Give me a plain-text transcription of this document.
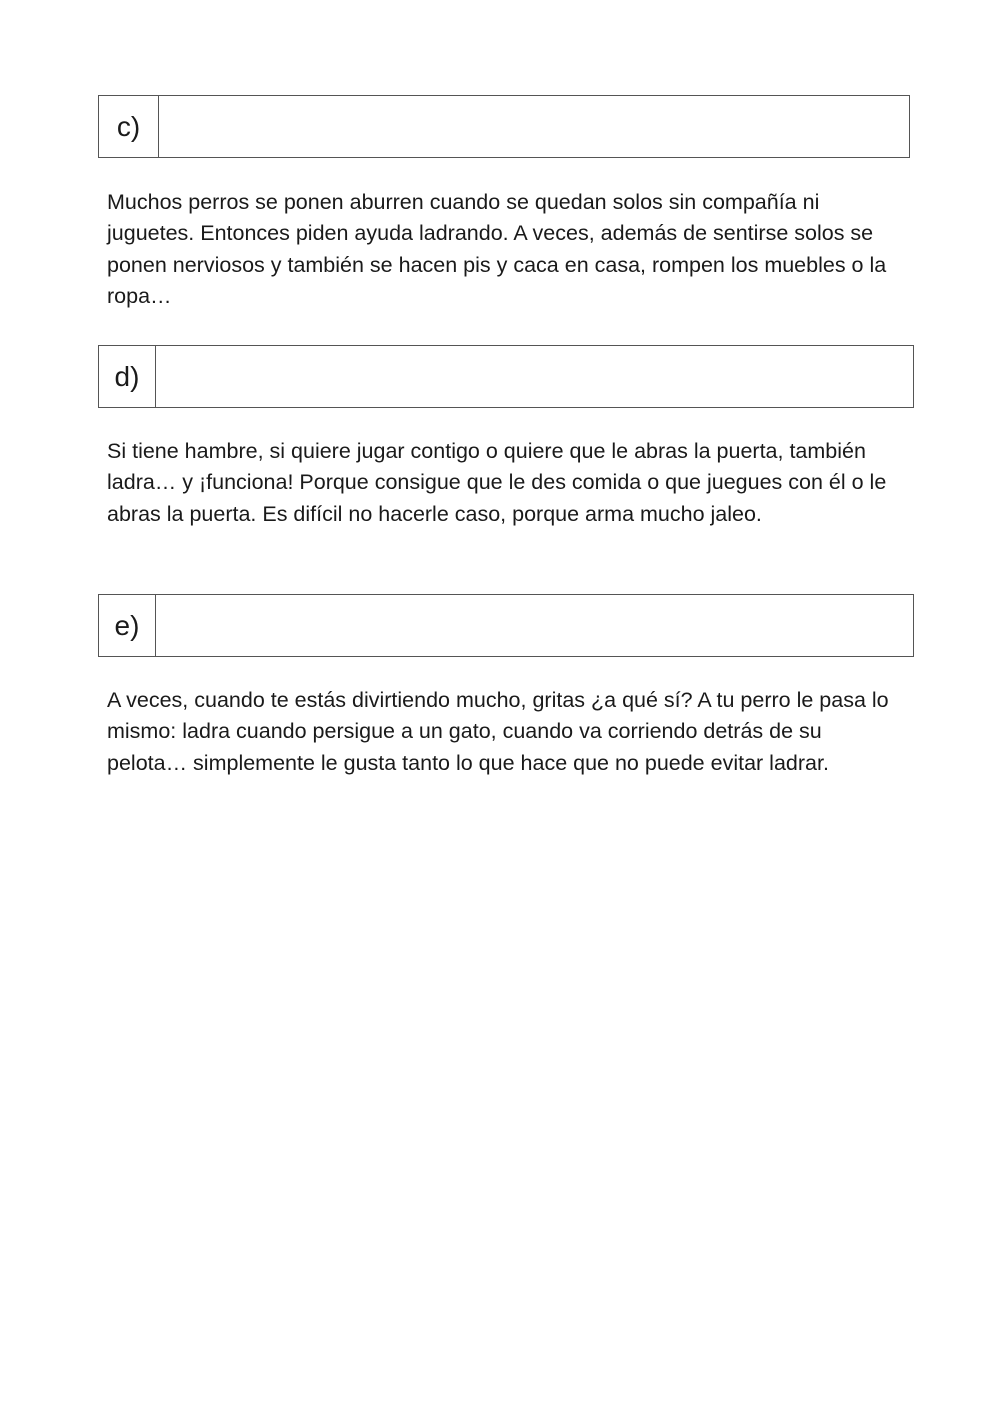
c)

Muchos perros se ponen aburren cuando se quedan solos sin compañía ni juguetes. Entonces piden ayuda ladrando. A veces, además de sentirse solos se ponen nerviosos y también se hacen pis y caca en casa, rompen los muebles o la ropa…

d)

Si tiene hambre, si quiere jugar contigo o quiere que le abras la puerta, también ladra… y ¡funciona! Porque consigue que le des comida o que juegues con él o le abras la puerta. Es difícil no hacerle caso, porque arma mucho jaleo.

e)

A veces, cuando te estás divirtiendo mucho, gritas ¿a qué sí? A tu perro le pasa lo mismo: ladra cuando persigue a un gato, cuando va corriendo detrás de su pelota… simplemente le gusta tanto lo que hace que no puede evitar ladrar.
